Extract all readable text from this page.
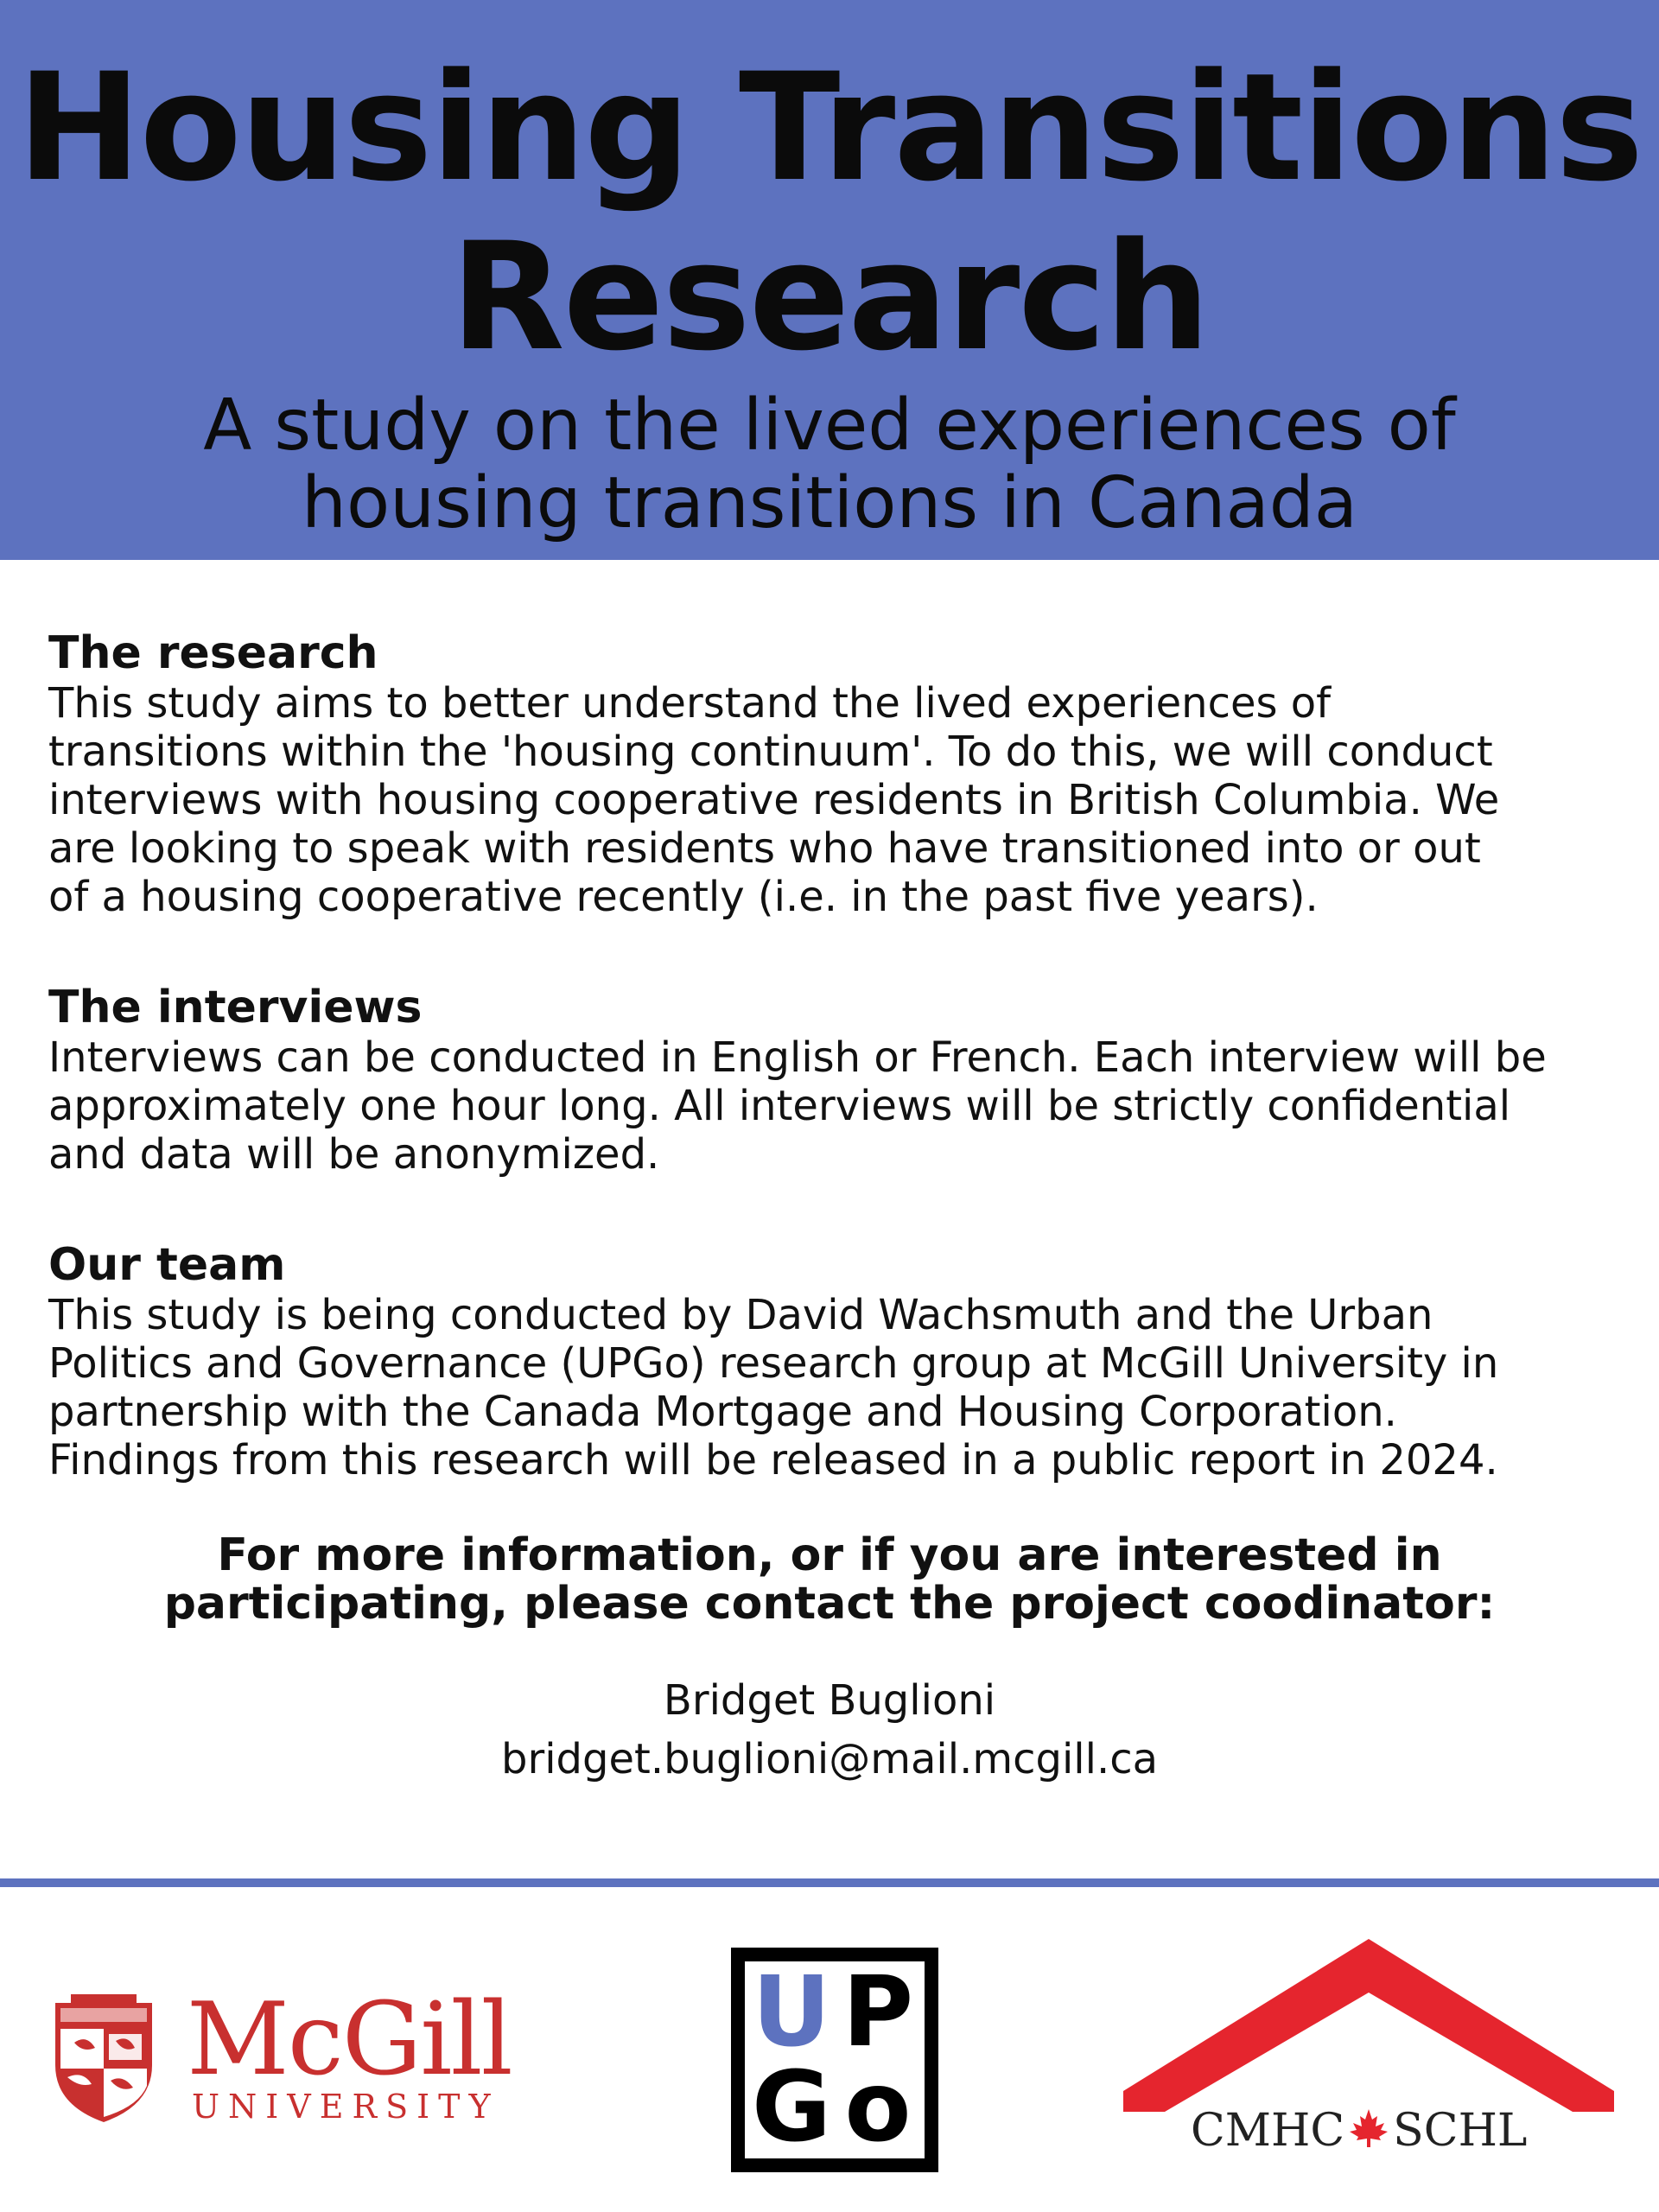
Housing Transitions
Research

A study on the lived experiences of
housing transitions in Canada

The research

This study aims to better understand the lived experiences of
transitions within the 'housing continuum'. To do this, we will conduct
interviews with housing cooperative residents in British Columbia. We
are looking to speak with residents who have transitioned into or out
of a housing cooperative recently (i.e. in the past five years).

The interviews

Interviews can be conducted in English or French. Each interview will be
approximately one hour long. All interviews will be strictly confidential
and data will be anonymized.

Our team

This study is being conducted by David Wachsmuth and the Urban
Politics and Governance (UPGo) research group at McGill University in
partnership with the Canada Mortgage and Housing Corporation.
Findings from this research will be released in a public report in 2024.

For more information, or if you are interested in
participating, please contact the project coodinator:

Bridget Buglioni

bridget.buglioni@mail.mcgill.ca

McGill
UNIVERSITY
U P
G o	CMHC SCHL
